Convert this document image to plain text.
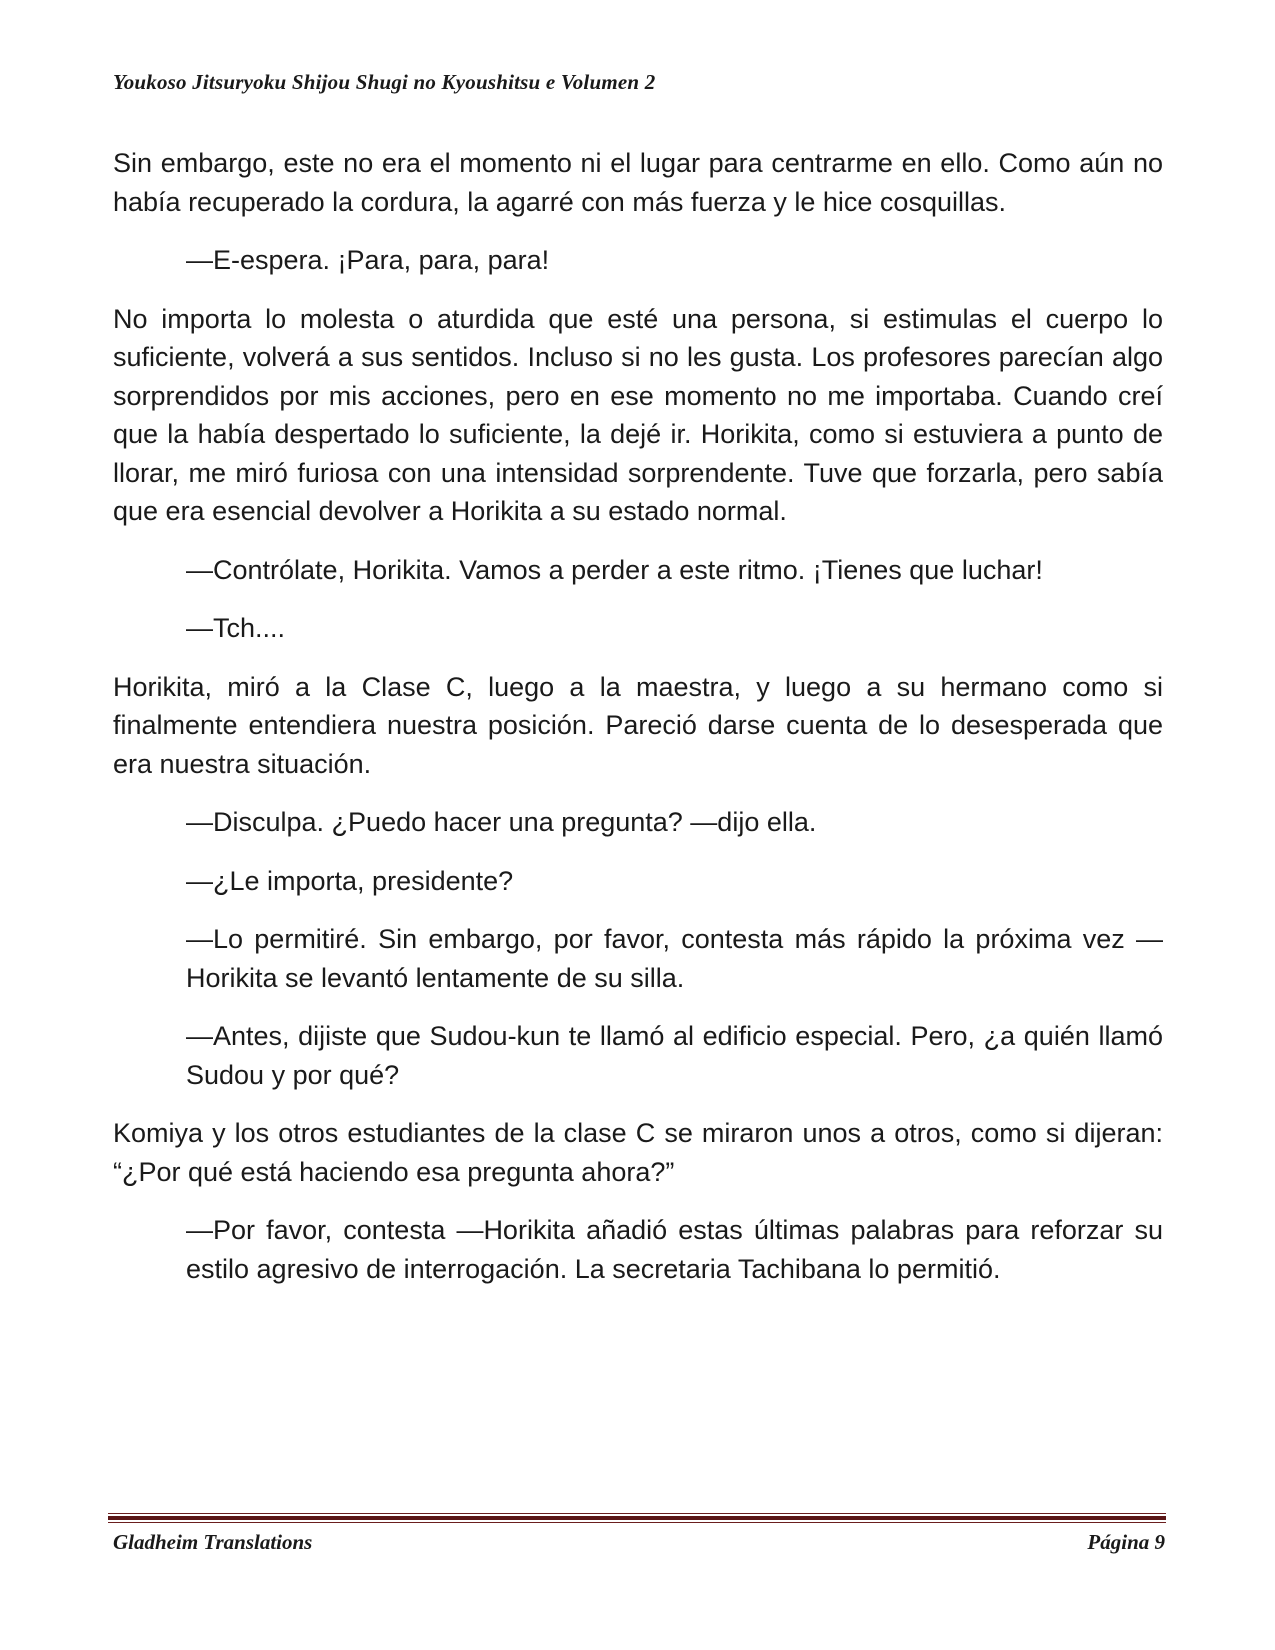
Youkoso Jitsuryoku Shijou Shugi no Kyoushitsu e Volumen 2

Sin embargo, este no era el momento ni el lugar para centrarme en ello. Como aún no había recuperado la cordura, la agarré con más fuerza y le hice cosquillas.

—E-espera. ¡Para, para, para!

No importa lo molesta o aturdida que esté una persona, si estimulas el cuerpo lo suficiente, volverá a sus sentidos. Incluso si no les gusta. Los profesores parecían algo sorprendidos por mis acciones, pero en ese momento no me importaba. Cuando creí que la había despertado lo suficiente, la dejé ir. Horikita, como si estuviera a punto de llorar, me miró furiosa con una intensidad sorprendente. Tuve que forzarla, pero sabía que era esencial devolver a Horikita a su estado normal.

—Contrólate, Horikita. Vamos a perder a este ritmo. ¡Tienes que luchar!

—Tch....

Horikita, miró a la Clase C, luego a la maestra, y luego a su hermano como si finalmente entendiera nuestra posición. Pareció darse cuenta de lo desesperada que era nuestra situación.

—Disculpa. ¿Puedo hacer una pregunta? —dijo ella.

—¿Le importa, presidente?

—Lo permitiré. Sin embargo, por favor, contesta más rápido la próxima vez —Horikita se levantó lentamente de su silla.

—Antes, dijiste que Sudou-kun te llamó al edificio especial. Pero, ¿a quién llamó Sudou y por qué?

Komiya y los otros estudiantes de la clase C se miraron unos a otros, como si dijeran: “¿Por qué está haciendo esa pregunta ahora?”

—Por favor, contesta —Horikita añadió estas últimas palabras para reforzar su estilo agresivo de interrogación. La secretaria Tachibana lo permitió.

Gladheim Translations	Página 9
